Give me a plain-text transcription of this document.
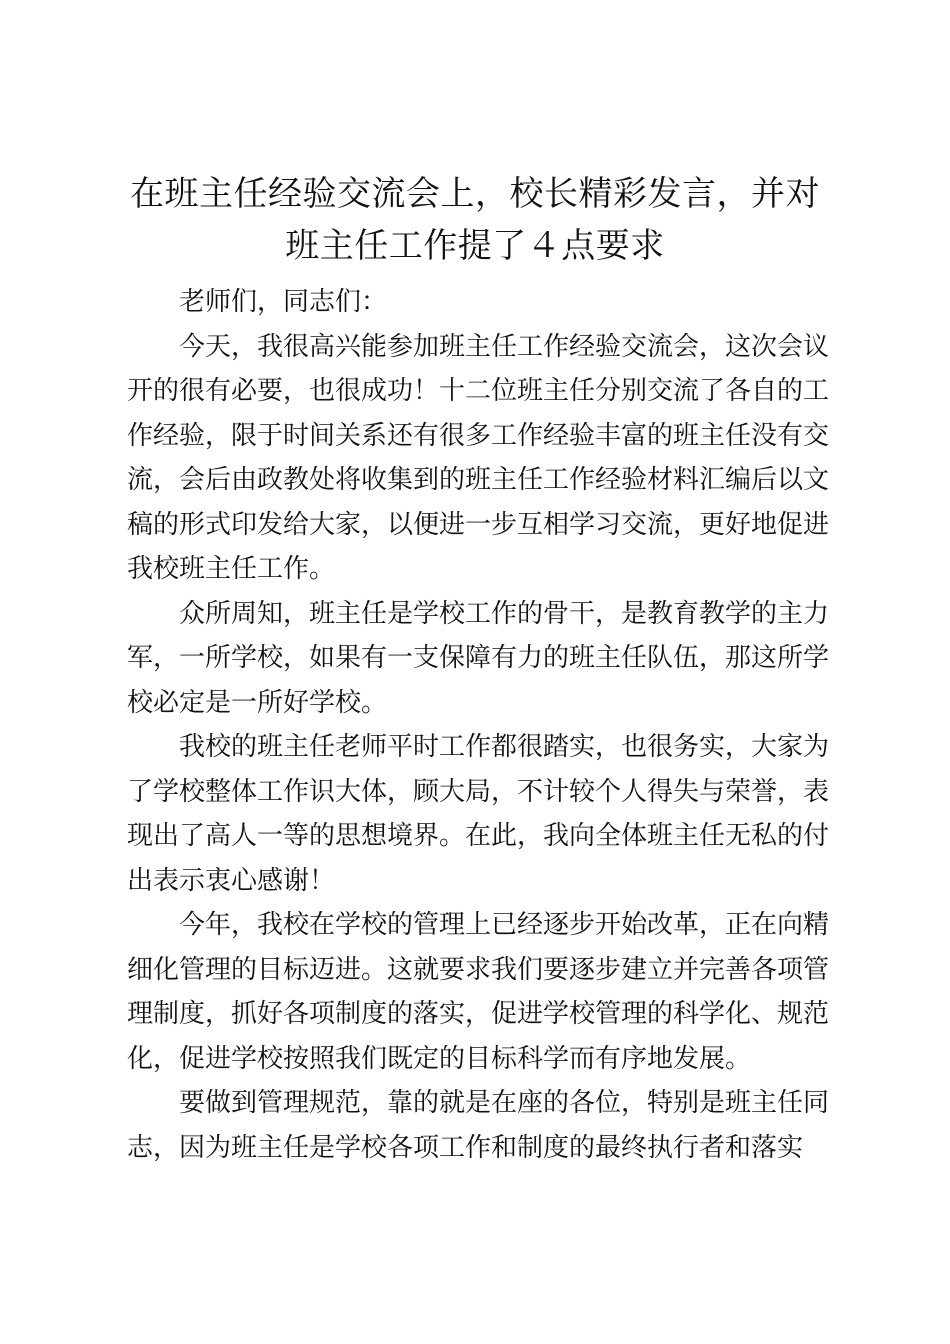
在班主任经验交流会上，校长精彩发言，并对
班主任工作提了４点要求

老师们，同志们：

今天，我很高兴能参加班主任工作经验交流会，这次会议
开的很有必要，也很成功！十二位班主任分别交流了各自的工
作经验，限于时间关系还有很多工作经验丰富的班主任没有交
流，会后由政教处将收集到的班主任工作经验材料汇编后以文
稿的形式印发给大家，以便进一步互相学习交流，更好地促进
我校班主任工作。

众所周知，班主任是学校工作的骨干，是教育教学的主力
军，一所学校，如果有一支保障有力的班主任队伍，那这所学
校必定是一所好学校。

我校的班主任老师平时工作都很踏实，也很务实，大家为
了学校整体工作识大体，顾大局，不计较个人得失与荣誉，表
现出了高人一等的思想境界。在此，我向全体班主任无私的付
出表示衷心感谢！

今年，我校在学校的管理上已经逐步开始改革，正在向精
细化管理的目标迈进。这就要求我们要逐步建立并完善各项管
理制度，抓好各项制度的落实，促进学校管理的科学化、规范
化，促进学校按照我们既定的目标科学而有序地发展。

要做到管理规范，靠的就是在座的各位，特别是班主任同
志，因为班主任是学校各项工作和制度的最终执行者和落实
